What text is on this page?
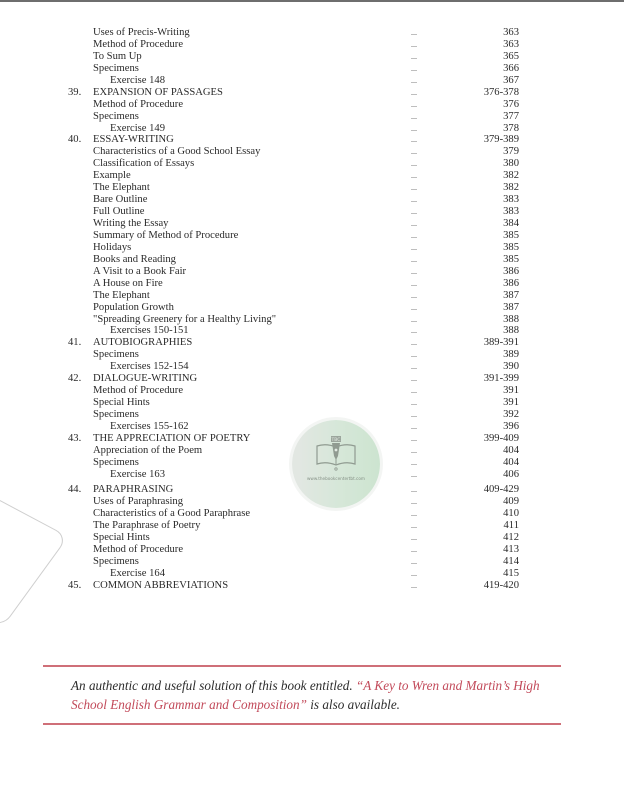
Uses of Precis-Writing	...	363
Method of Procedure	...	363
To Sum Up	...	365
Specimens	...	366
Exercise 148	...	367
39. EXPANSION OF PASSAGES	...	376-378
Method of Procedure	...	376
Specimens	...	377
Exercise 149	...	378
40. ESSAY-WRITING	...	379-389
Characteristics of a Good School Essay	...	379
Classification of Essays	...	380
Example	...	382
The Elephant	...	382
Bare Outline	...	383
Full Outline	...	383
Writing the Essay	...	384
Summary of Method of Procedure	...	385
Holidays	...	385
Books and Reading	...	385
A Visit to a Book Fair	...	386
A House on Fire	...	386
The Elephant	...	387
Population Growth	...	387
"Spreading Greenery for a Healthy Living"	...	388
Exercises 150-151	...	388
41. AUTOBIOGRAPHIES	...	389-391
Specimens	...	389
Exercises 152-154	...	390
42. DIALOGUE-WRITING	...	391-399
Method of Procedure	...	391
Special Hints	...	391
Specimens	...	392
Exercises 155-162	...	396
43. THE APPRECIATION OF POETRY	...	399-409
Appreciation of the Poem	...	404
Specimens	...	404
Exercise 163	...	406
44. PARAPHRASING	...	409-429
Uses of Paraphrasing	...	409
Characteristics of a Good Paraphrase	...	410
The Paraphrase of Poetry	...	411
Special Hints	...	412
Method of Procedure	...	413
Specimens	...	414
Exercise 164	...	415
45. COMMON ABBREVIATIONS	...	419-420
TBC
www.thebookcentertbt.com
An authentic and useful solution of this book entitled. “A Key to Wren and Martin’s High School English Grammar and Composition” is also available.
